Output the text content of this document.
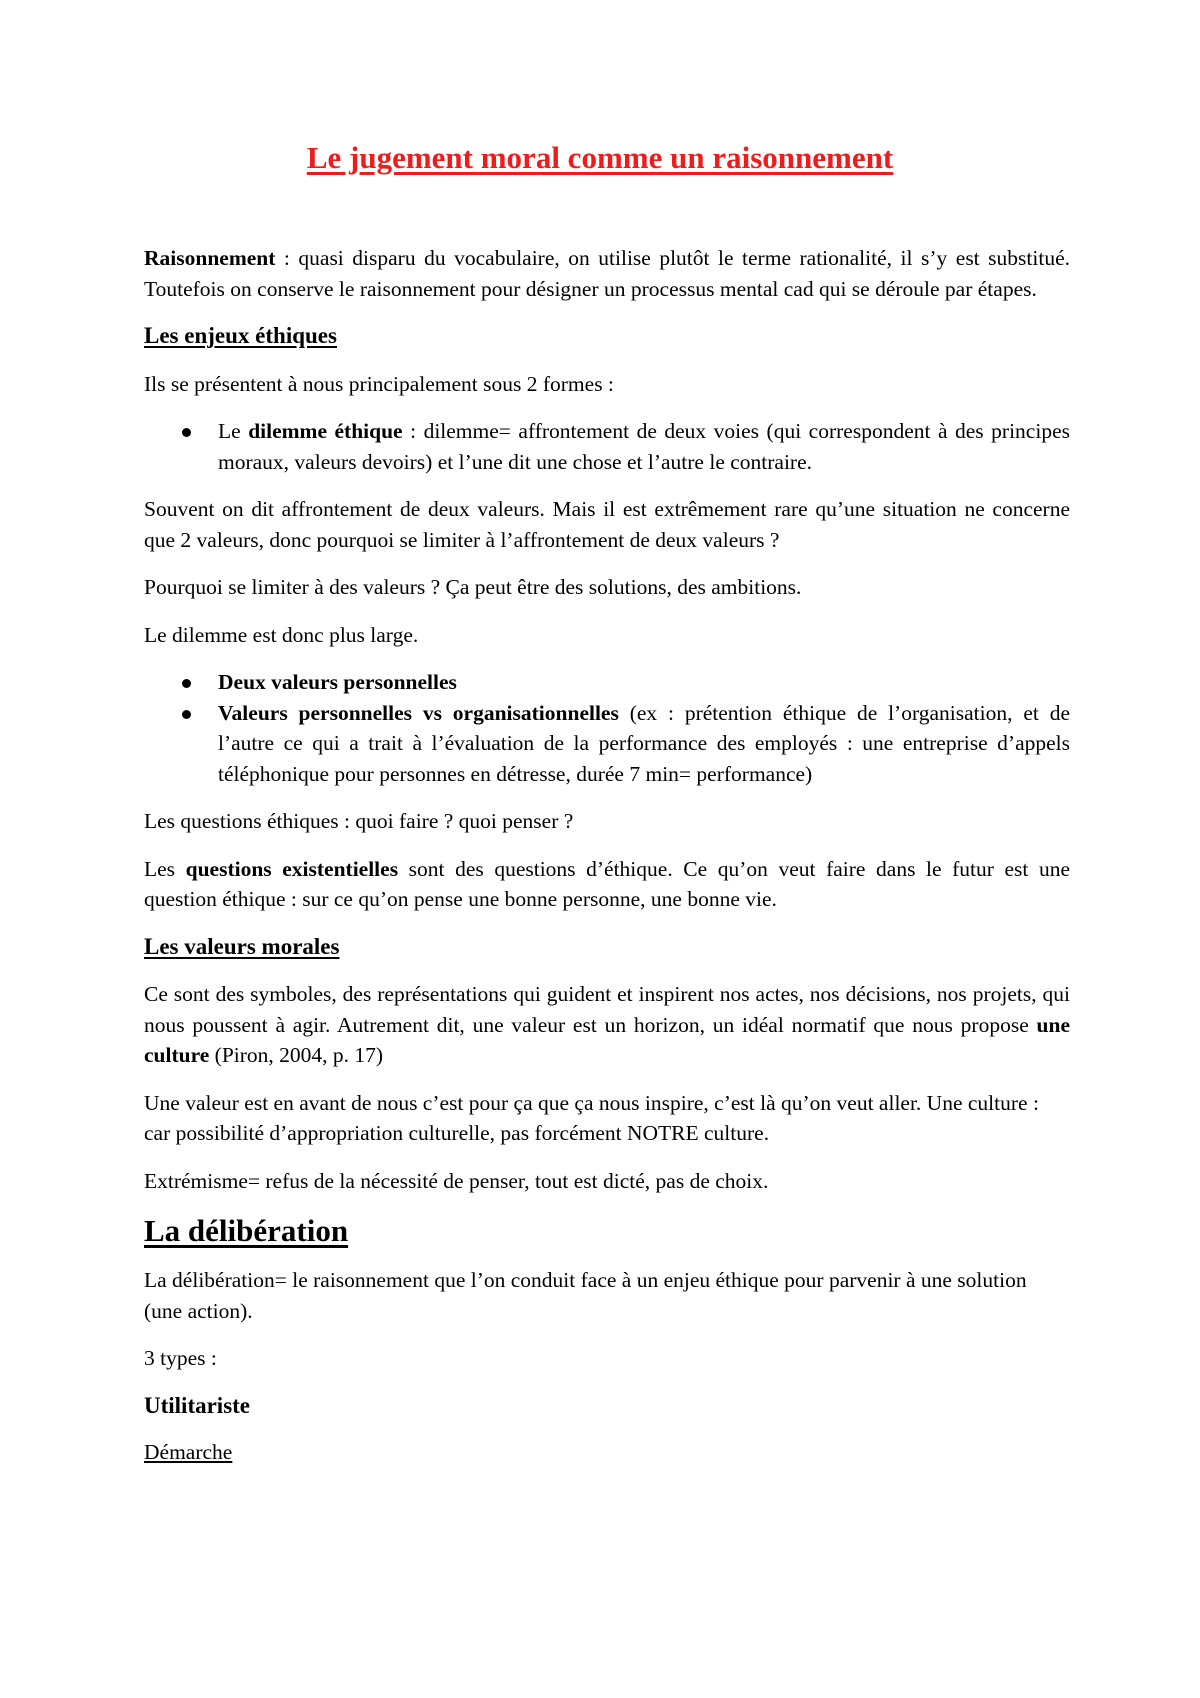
Le jugement moral comme un raisonnement

Raisonnement : quasi disparu du vocabulaire, on utilise plutôt le terme rationalité, il s’y est substitué. Toutefois on conserve le raisonnement pour désigner un processus mental cad qui se déroule par étapes.

Les enjeux éthiques

Ils se présentent à nous principalement sous 2 formes :

Le dilemme éthique : dilemme= affrontement de deux voies (qui correspondent à des principes moraux, valeurs devoirs) et l’une dit une chose et l’autre le contraire.

Souvent on dit affrontement de deux valeurs. Mais il est extrêmement rare qu’une situation ne concerne que 2 valeurs, donc pourquoi se limiter à l’affrontement de deux valeurs ?

Pourquoi se limiter à des valeurs ? Ça peut être des solutions, des ambitions.

Le dilemme est donc plus large.

Deux valeurs personnelles
Valeurs personnelles vs organisationnelles (ex : prétention éthique de l’organisation, et de l’autre ce qui a trait à l’évaluation de la performance des employés : une entreprise d’appels téléphonique pour personnes en détresse, durée 7 min= performance)

Les questions éthiques : quoi faire ? quoi penser ?

Les questions existentielles sont des questions d’éthique. Ce qu’on veut faire dans le futur est une question éthique : sur ce qu’on pense une bonne personne, une bonne vie.

Les valeurs morales

Ce sont des symboles, des représentations qui guident et inspirent nos actes, nos décisions, nos projets, qui nous poussent à agir. Autrement dit, une valeur est un horizon, un idéal normatif que nous propose une culture (Piron, 2004, p. 17)

Une valeur est en avant de nous c’est pour ça que ça nous inspire, c’est là qu’on veut aller. Une culture : car possibilité d’appropriation culturelle, pas forcément NOTRE culture.

Extrémisme= refus de la nécessité de penser, tout est dicté, pas de choix.

La délibération

La délibération= le raisonnement que l’on conduit face à un enjeu éthique pour parvenir à une solution (une action).

3 types :

Utilitariste

Démarche
